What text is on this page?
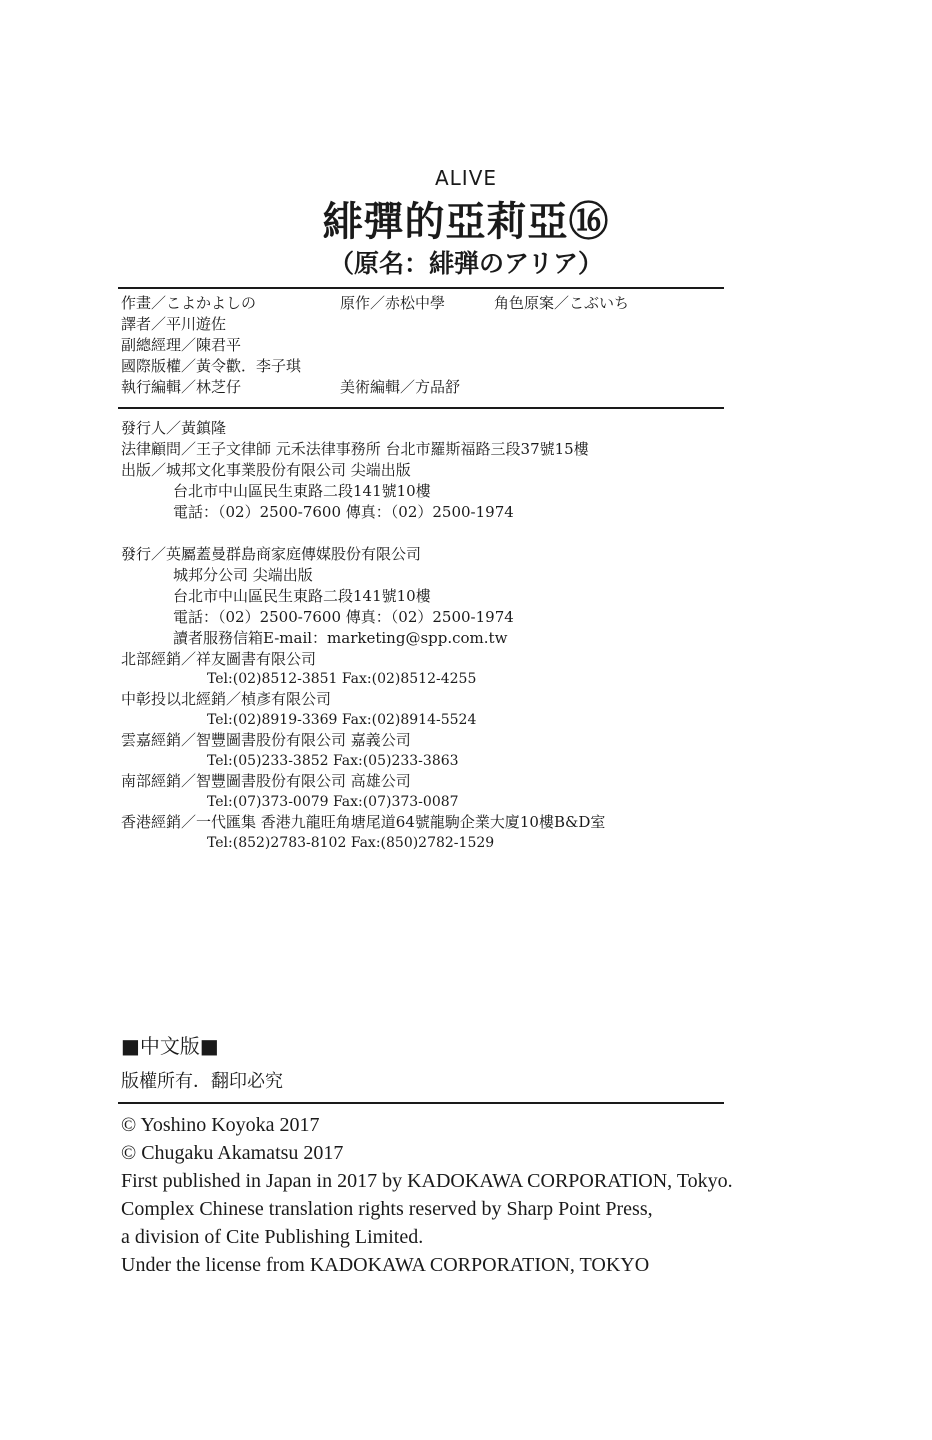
ALIVE
緋彈的亞莉亞⑯
（原名：緋弾のアリア）
作畫／こよかよしの	原作／赤松中學	角色原案／こぶいち
譯者／平川遊佐
副總經理／陳君平
國際版權／黃令歡．李子琪
執行編輯／林芝仔	美術編輯／方品舒
發行人／黃鎮隆
法律顧問／王子文律師 元禾法律事務所 台北市羅斯福路三段37號15樓
出版／城邦文化事業股份有限公司 尖端出版
台北市中山區民生東路二段141號10樓
電話：（02）2500-7600 傳真：（02）2500-1974
發行／英屬蓋曼群島商家庭傳媒股份有限公司
城邦分公司 尖端出版
台北市中山區民生東路二段141號10樓
電話：（02）2500-7600 傳真：（02）2500-1974
讀者服務信箱E-mail：marketing@spp.com.tw
北部經銷／祥友圖書有限公司
Tel:(02)8512-3851 Fax:(02)8512-4255
中彰投以北經銷／楨彥有限公司
Tel:(02)8919-3369 Fax:(02)8914-5524
雲嘉經銷／智豐圖書股份有限公司 嘉義公司
Tel:(05)233-3852 Fax:(05)233-3863
南部經銷／智豐圖書股份有限公司 高雄公司
Tel:(07)373-0079 Fax:(07)373-0087
香港經銷／一代匯集 香港九龍旺角塘尾道64號龍駒企業大廈10樓B&D室
Tel:(852)2783-8102 Fax:(850)2782-1529
■中文版■
版權所有．翻印必究
© Yoshino Koyoka 2017
© Chugaku Akamatsu 2017
First published in Japan in 2017 by KADOKAWA CORPORATION, Tokyo.
Complex Chinese translation rights reserved by Sharp Point Press,
a division of Cite Publishing Limited.
Under the license from KADOKAWA CORPORATION, TOKYO
